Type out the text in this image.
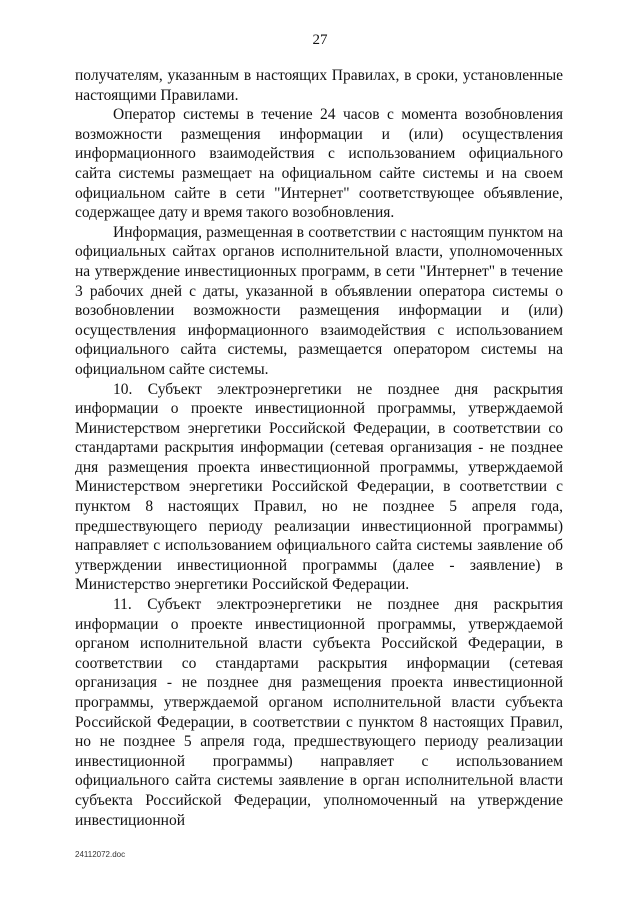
27

получателям, указанным в настоящих Правилах, в сроки, установленные настоящими Правилами.

Оператор системы в течение 24 часов с момента возобновления возможности размещения информации и (или) осуществления информационного взаимодействия с использованием официального сайта системы размещает на официальном сайте системы и на своем официальном сайте в сети "Интернет" соответствующее объявление, содержащее дату и время такого возобновления.

Информация, размещенная в соответствии с настоящим пунктом на официальных сайтах органов исполнительной власти, уполномоченных на утверждение инвестиционных программ, в сети "Интернет" в течение 3 рабочих дней с даты, указанной в объявлении оператора системы о возобновлении возможности размещения информации и (или) осуществления информационного взаимодействия с использованием официального сайта системы, размещается оператором системы на официальном сайте системы.

10. Субъект электроэнергетики не позднее дня раскрытия информации о проекте инвестиционной программы, утверждаемой Министерством энергетики Российской Федерации, в соответствии со стандартами раскрытия информации (сетевая организация - не позднее дня размещения проекта инвестиционной программы, утверждаемой Министерством энергетики Российской Федерации, в соответствии с пунктом 8 настоящих Правил, но не позднее 5 апреля года, предшествующего периоду реализации инвестиционной программы) направляет с использованием официального сайта системы заявление об утверждении инвестиционной программы (далее - заявление) в Министерство энергетики Российской Федерации.

11. Субъект электроэнергетики не позднее дня раскрытия информации о проекте инвестиционной программы, утверждаемой органом исполнительной власти субъекта Российской Федерации, в соответствии со стандартами раскрытия информации (сетевая организация - не позднее дня размещения проекта инвестиционной программы, утверждаемой органом исполнительной власти субъекта Российской Федерации, в соответствии с пунктом 8 настоящих Правил, но не позднее 5 апреля года, предшествующего периоду реализации инвестиционной программы) направляет с использованием официального сайта системы заявление в орган исполнительной власти субъекта Российской Федерации, уполномоченный на утверждение инвестиционной

24112072.doc
